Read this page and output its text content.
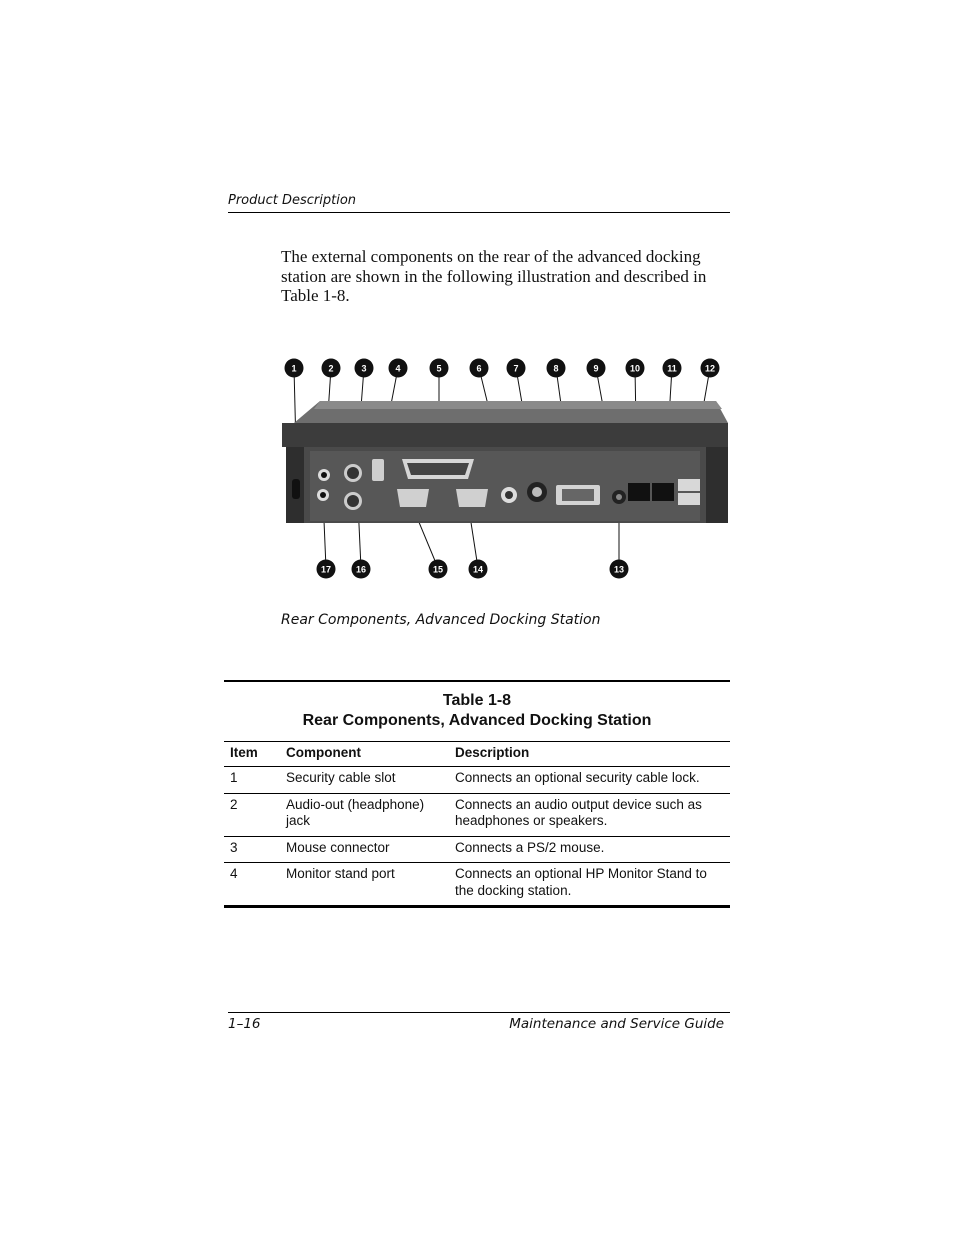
Product Description

The external components on the rear of the advanced docking station are shown in the following illustration and described in Table 1-8.

1	2	3	4	5	6	7	8	9	10	11	12
17	16	15	14	13
Rear Components, Advanced Docking Station
Table 1-8
Rear Components, Advanced Docking Station
Item	Component	Description
1	Security cable slot	Connects an optional security cable lock.
2	Audio-out (headphone) jack	Connects an audio output device such as headphones or speakers.
3	Mouse connector	Connects a PS/2 mouse.
4	Monitor stand port	Connects an optional HP Monitor Stand to the docking station.
1–16	Maintenance and Service Guide
